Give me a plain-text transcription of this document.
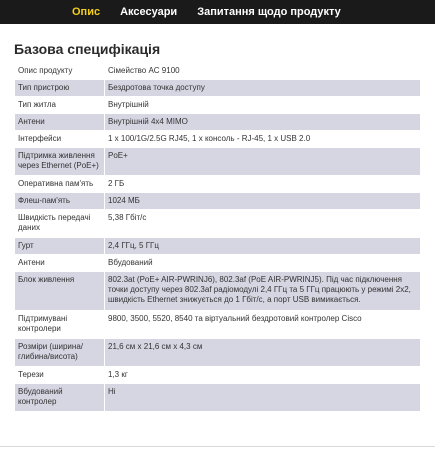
Опис Аксесуари Запитання щодо продукту
Базова специфікація
Опис продукту	Сімейство AC 9100
Тип пристрою	Бездротова точка доступу
Тип житла	Внутрішній
Антени	Внутрішній 4x4 MIMO
Інтерфейси	1 x 100/1G/2.5G RJ45, 1 x консоль - RJ-45, 1 x USB 2.0
Підтримка живлення через Ethernet (PoE+)	PoE+
Оперативна пам'ять	2 ГБ
Флеш-пам'ять	1024 МБ
Швидкість передачі даних	5,38 Гбіт/с
Гурт	2,4 ГГц, 5 ГГц
Антени	Вбудований
Блок живлення	802.3at (PoE+ AIR-PWRINJ6), 802.3af (PoE AIR-PWRINJ5). Під час підключення точки доступу через 802.3af радіомодулі 2,4 ГГц та 5 ГГц працюють у режимі 2x2, швидкість Ethernet знижується до 1 Гбіт/с, а порт USB вимикається.
Підтримувані контролери	9800, 3500, 5520, 8540 та віртуальний бездротовий контролер Cisco
Розміри (ширина/глибина/висота)	21,6 см x 21,6 см x 4,3 см
Терези	1,3 кг
Вбудований контролер	Ні
